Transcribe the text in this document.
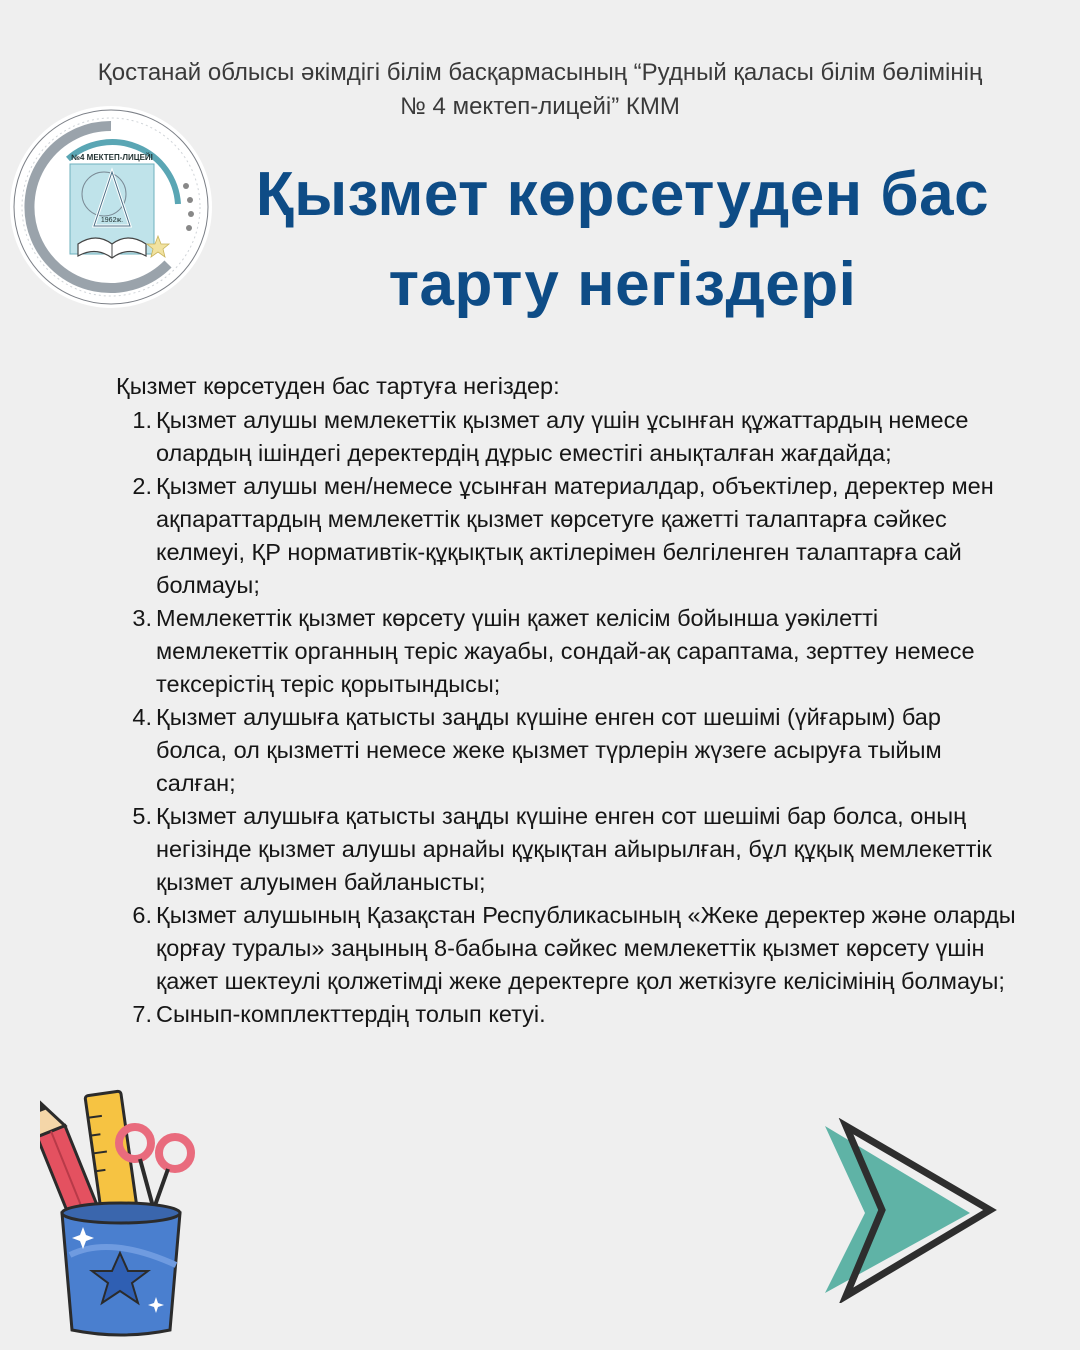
Қостанай облысы әкімдігі білім басқармасының “Рудный қаласы білім бөлімінің
№ 4 мектеп-лицейі” КММ
№4 МЕКТЕП-ЛИЦЕЙІ
1962ж.	Қызмет көрсетуден бас
тарту негіздері
Қызмет көрсетуден бас тартуға негіздер:
1. Қызмет алушы мемлекеттік қызмет алу үшін ұсынған құжаттардың немесе олардың ішіндегі деректердің дұрыс еместігі анықталған жағдайда;
2. Қызмет алушы мен/немесе ұсынған материалдар, объектілер, деректер мен ақпараттардың мемлекеттік қызмет көрсетуге қажетті талаптарға сәйкес келмеуі, ҚР нормативтік-құқықтық актілерімен белгіленген талаптарға сай болмауы;
3. Мемлекеттік қызмет көрсету үшін қажет келісім бойынша уәкілетті мемлекеттік органның теріс жауабы, сондай-ақ сараптама, зерттеу немесе тексерістің теріс қорытындысы;
4. Қызмет алушыға қатысты заңды күшіне енген сот шешімі (үйғарым) бар болса, ол қызметті немесе жеке қызмет түрлерін жүзеге асыруға тыйым салған;
5. Қызмет алушыға қатысты заңды күшіне енген сот шешімі бар болса, оның негізінде қызмет алушы арнайы құқықтан айырылған, бұл құқық мемлекеттік қызмет алуымен байланысты;
6. Қызмет алушының Қазақстан Республикасының «Жеке деректер және оларды қорғау туралы» заңының 8-бабына сәйкес мемлекеттік қызмет көрсету үшін қажет шектеулі қолжетімді жеке деректерге қол жеткізуге келісімінің болмауы;
7. Сынып-комплекттердің толып кетуі.
